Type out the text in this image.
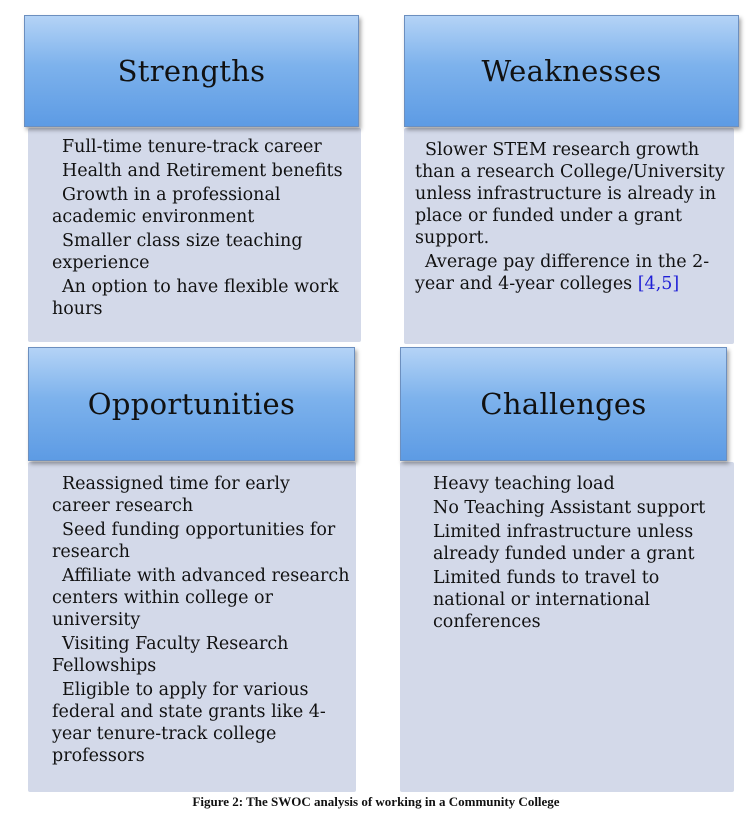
Strengths
Full-time tenure-track career
Health and Retirement benefits
Growth in a professional academic environment
Smaller class size teaching experience
An option to have flexible work hours
Weaknesses
Slower STEM research growth than a research College/University unless infrastructure is already in place or funded under a grant support.
Average pay difference in the 2-year and 4-year colleges [4,5]
Opportunities
Reassigned time for early career research
Seed funding opportunities for research
Affiliate with advanced research centers within college or university
Visiting Faculty Research Fellowships
Eligible to apply for various federal and state grants like 4-year tenure-track college professors
Challenges
Heavy teaching load
No Teaching Assistant support
Limited infrastructure unless already funded under a grant
Limited funds to travel to national or international conferences
Figure 2: The SWOC analysis of working in a Community College
